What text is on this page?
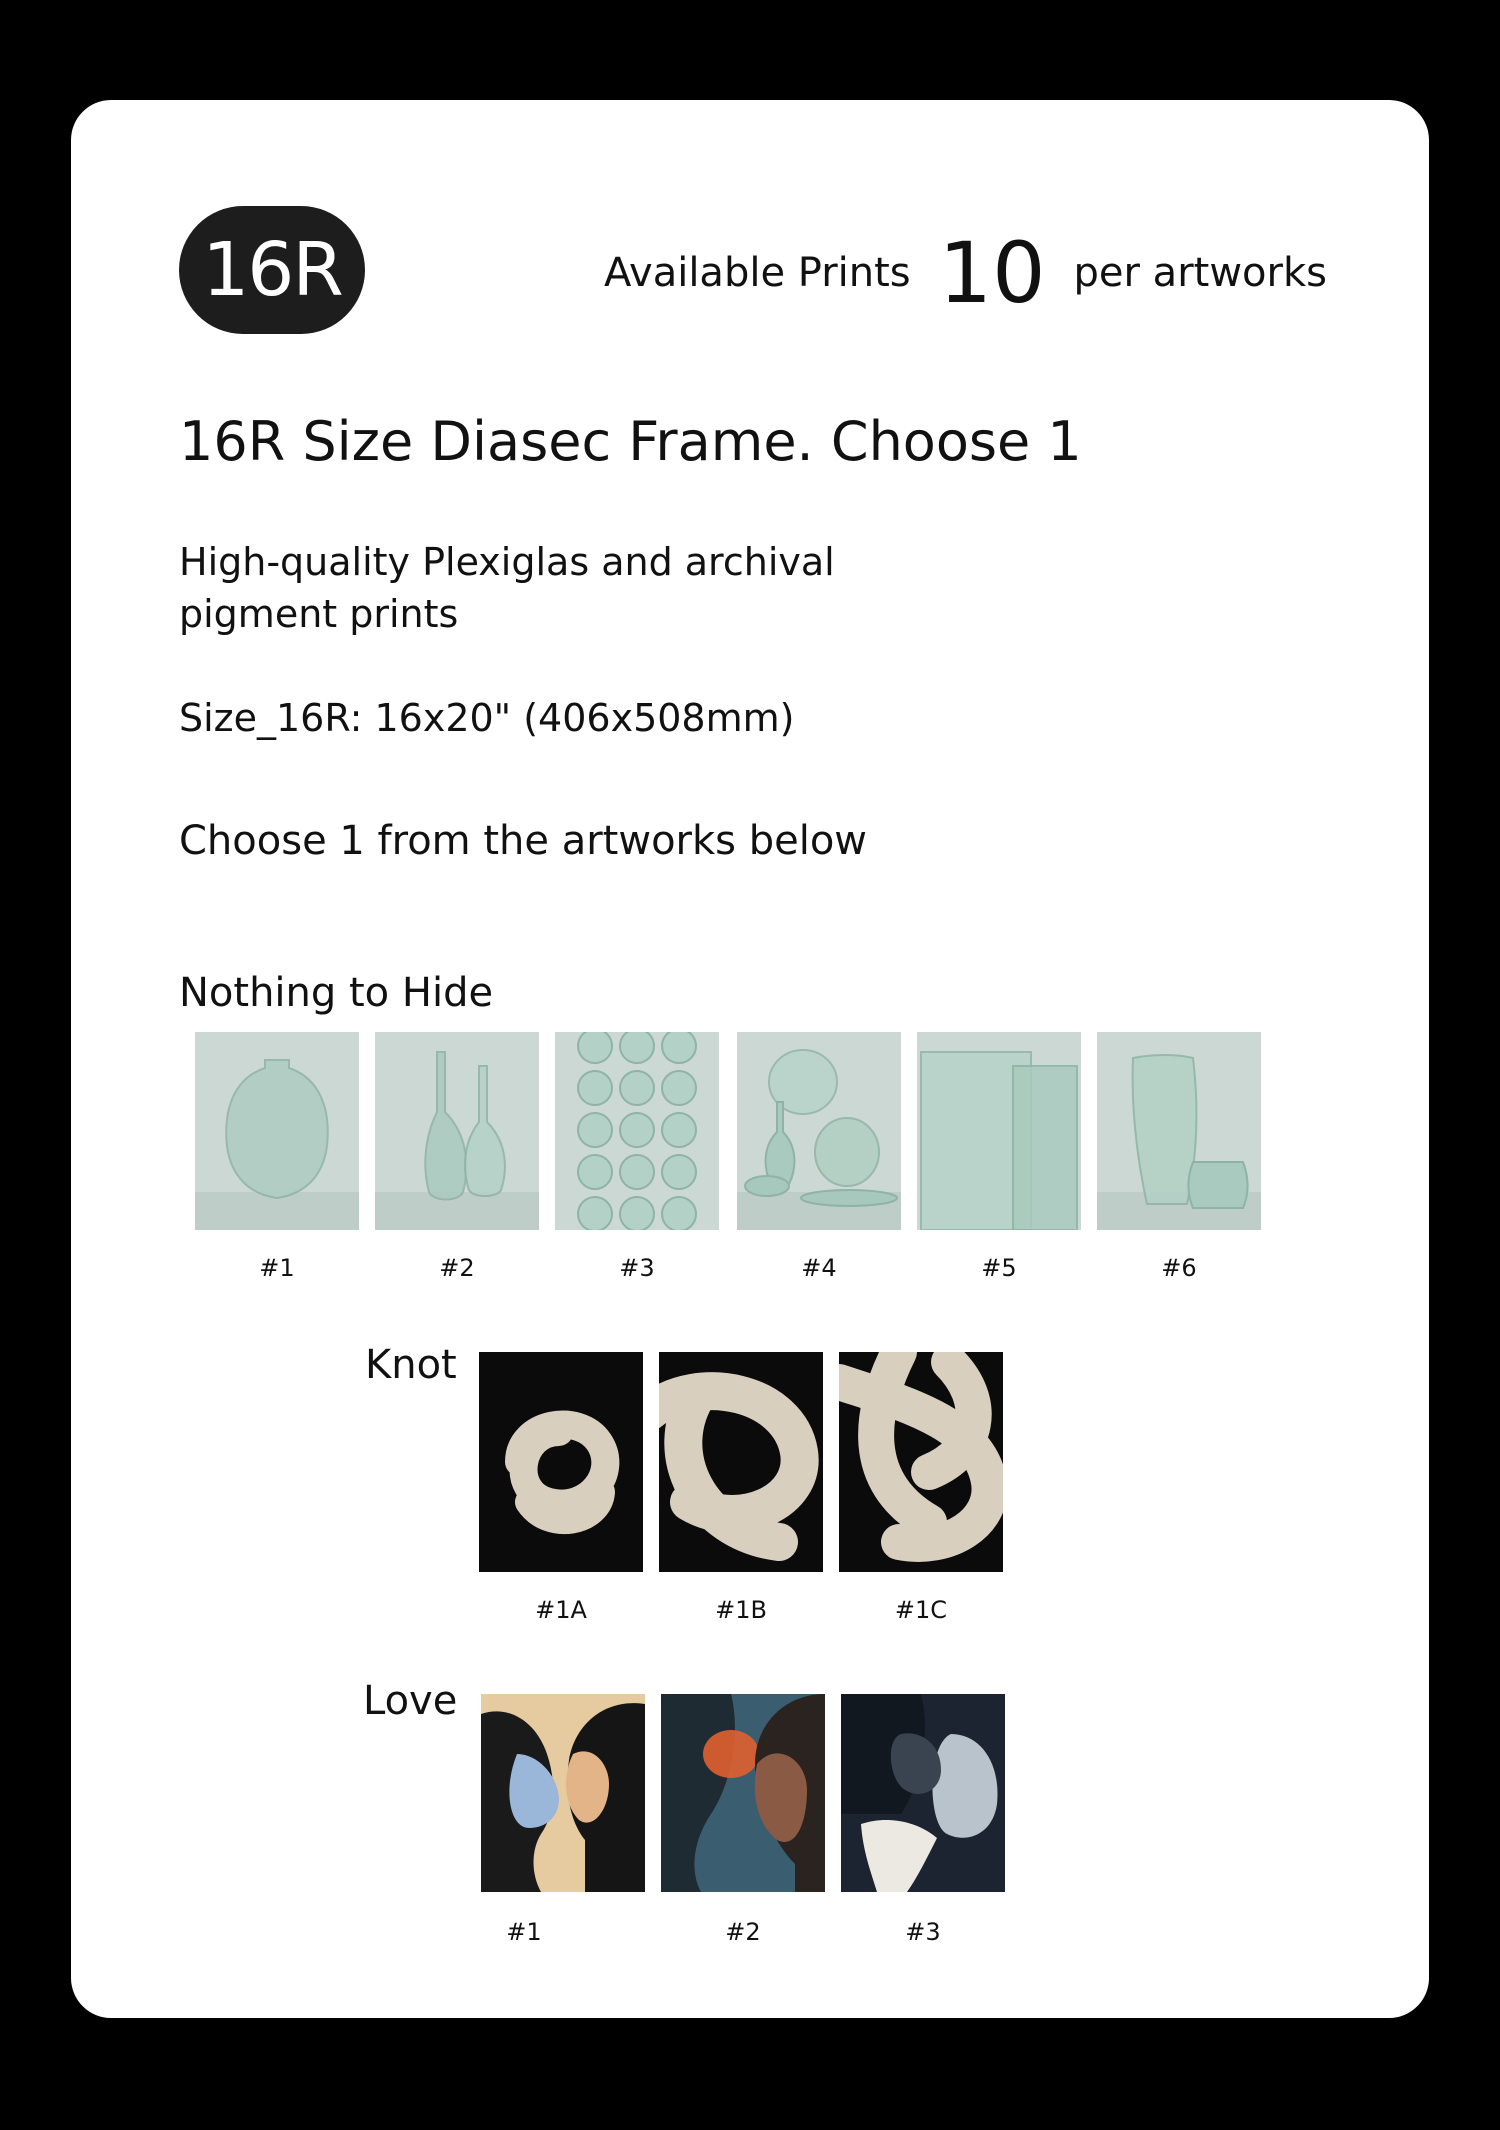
16R	Available Prints 10 per artworks
16R Size Diasec Frame. Choose 1
High-quality Plexiglas and archival pigment prints
Size_16R: 16x20" (406x508mm)
Choose 1 from the artworks below
Nothing to Hide
#1	#2	#3	#4	#5	#6
Knot
#1A	#1B	#1C
Love
#1	#2	#3
